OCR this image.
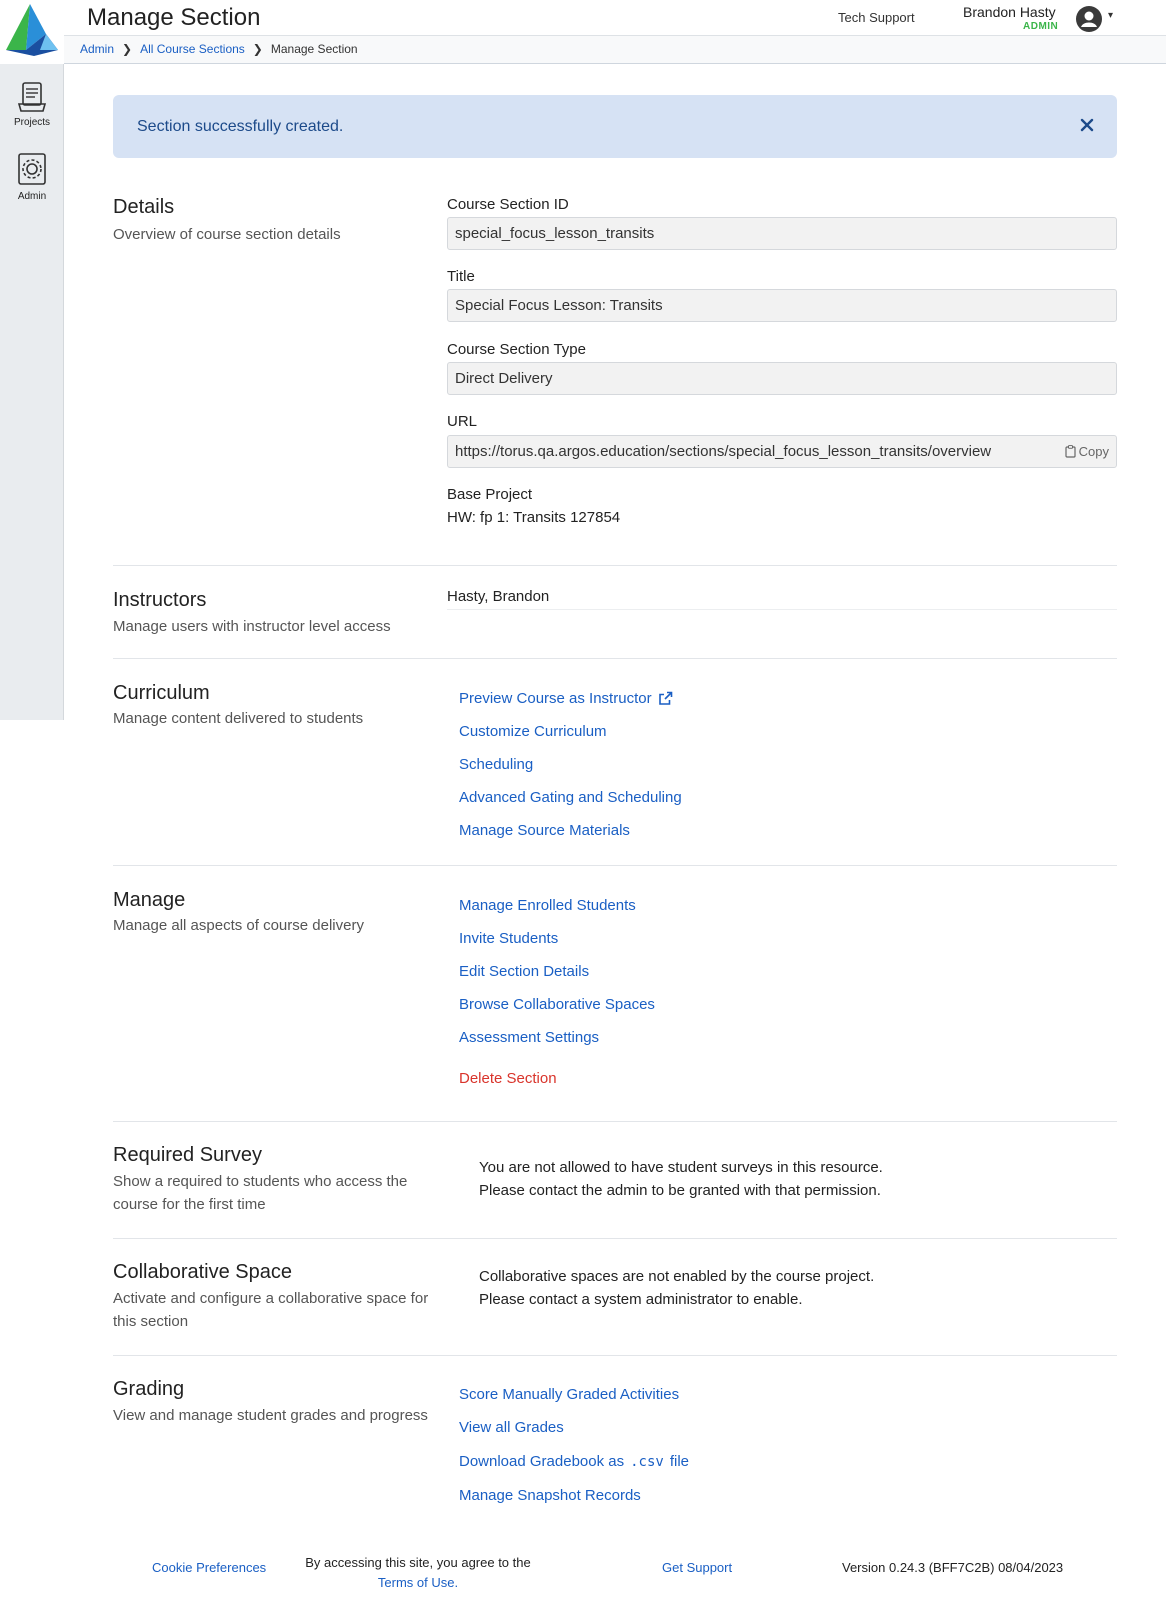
Manage Section	Tech Support	Brandon Hasty
ADMIN
▾
Admin ❯ All Course Sections ❯ Manage Section
Projects
Admin
Section successfully created.
Details
Overview of course section details
Course Section ID
special_focus_lesson_transits
Title
Special Focus Lesson: Transits
Course Section Type
Direct Delivery
URL
https://torus.qa.argos.education/sections/special_focus_lesson_transits/overview	Copy
Base Project
HW: fp 1: Transits 127854
Instructors
Manage users with instructor level access
Hasty, Brandon
Curriculum
Manage content delivered to students
Preview Course as Instructor
Customize Curriculum
Scheduling
Advanced Gating and Scheduling
Manage Source Materials
Manage
Manage all aspects of course delivery
Manage Enrolled Students
Invite Students
Edit Section Details
Browse Collaborative Spaces
Assessment Settings
Delete Section
Required Survey
Show a required to students who access the course for the first time
You are not allowed to have student surveys in this resource.
Please contact the admin to be granted with that permission.
Collaborative Space
Activate and configure a collaborative space for this section
Collaborative spaces are not enabled by the course project.
Please contact a system administrator to enable.
Grading
View and manage student grades and progress
Score Manually Graded Activities
View all Grades
Download Gradebook as .csv file
Manage Snapshot Records
Cookie Preferences	By accessing this site, you agree to the
Terms of Use.
Get Support	Version 0.24.3 (BFF7C2B) 08/04/2023
